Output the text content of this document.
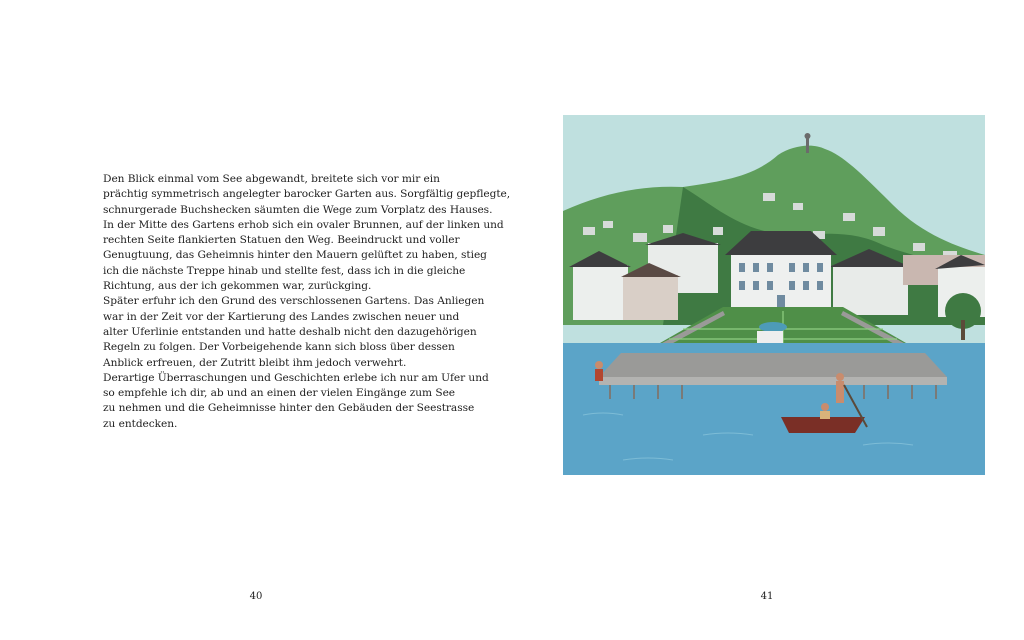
Den Blick einmal vom See abgewandt, breitete sich vor mir ein
prächtig symmetrisch angelegter barocker Garten aus. Sorgfältig gepflegte,
schnurgerade Buchshecken säumten die Wege zum Vorplatz des Hauses.
In der Mitte des Gartens erhob sich ein ovaler Brunnen, auf der linken und
rechten Seite flankierten Statuen den Weg. Beeindruckt und voller
Genugtuung, das Geheimnis hinter den Mauern gelüftet zu haben, stieg
ich die nächste Treppe hinab und stellte fest, dass ich in die gleiche
Richtung, aus der ich gekommen war, zurückging.
Später erfuhr ich den Grund des verschlossenen Gartens. Das Anliegen
war in der Zeit vor der Kartierung des Landes zwischen neuer und
alter Uferlinie entstanden und hatte deshalb nicht den dazugehörigen
Regeln zu folgen. Der Vorbeigehende kann sich bloss über dessen
Anblick erfreuen, der Zutritt bleibt ihm jedoch verwehrt.
Derartige Überraschungen und Geschichten erlebe ich nur am Ufer und
so empfehle ich dir, ab und an einen der vielen Eingänge zum See
zu nehmen und die Geheimnisse hinter den Gebäuden der Seestrasse
zu entdecken.
40	41
